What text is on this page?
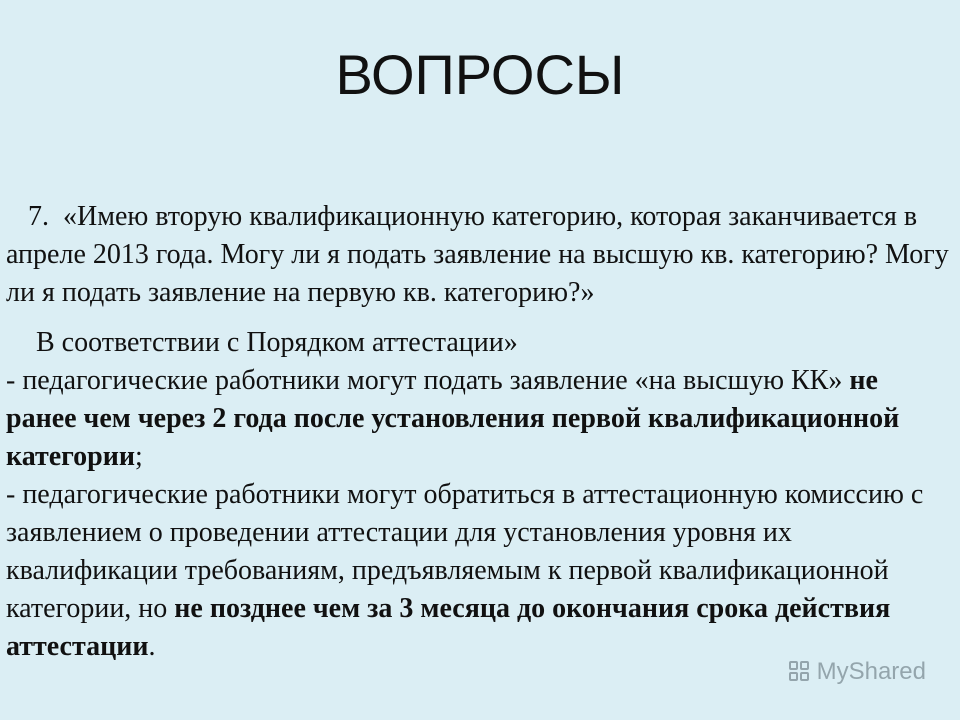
ВОПРОСЫ

7. «Имею вторую квалификационную категорию, которая заканчивается в апреле 2013 года. Могу ли я подать заявление на высшую кв. категорию? Могу ли я подать заявление на первую кв. категорию?»

В соответствии с Порядком аттестации»

- педагогические работники могут подать заявление «на высшую КК» не ранее чем через 2 года после установления первой квалификационной категории;

- педагогические работники могут обратиться в аттестационную комиссию с заявлением о проведении аттестации для установления уровня их квалификации требованиям, предъявляемым к первой квалификационной категории, но не позднее чем за 3 месяца до окончания срока действия аттестации.

MyShared
